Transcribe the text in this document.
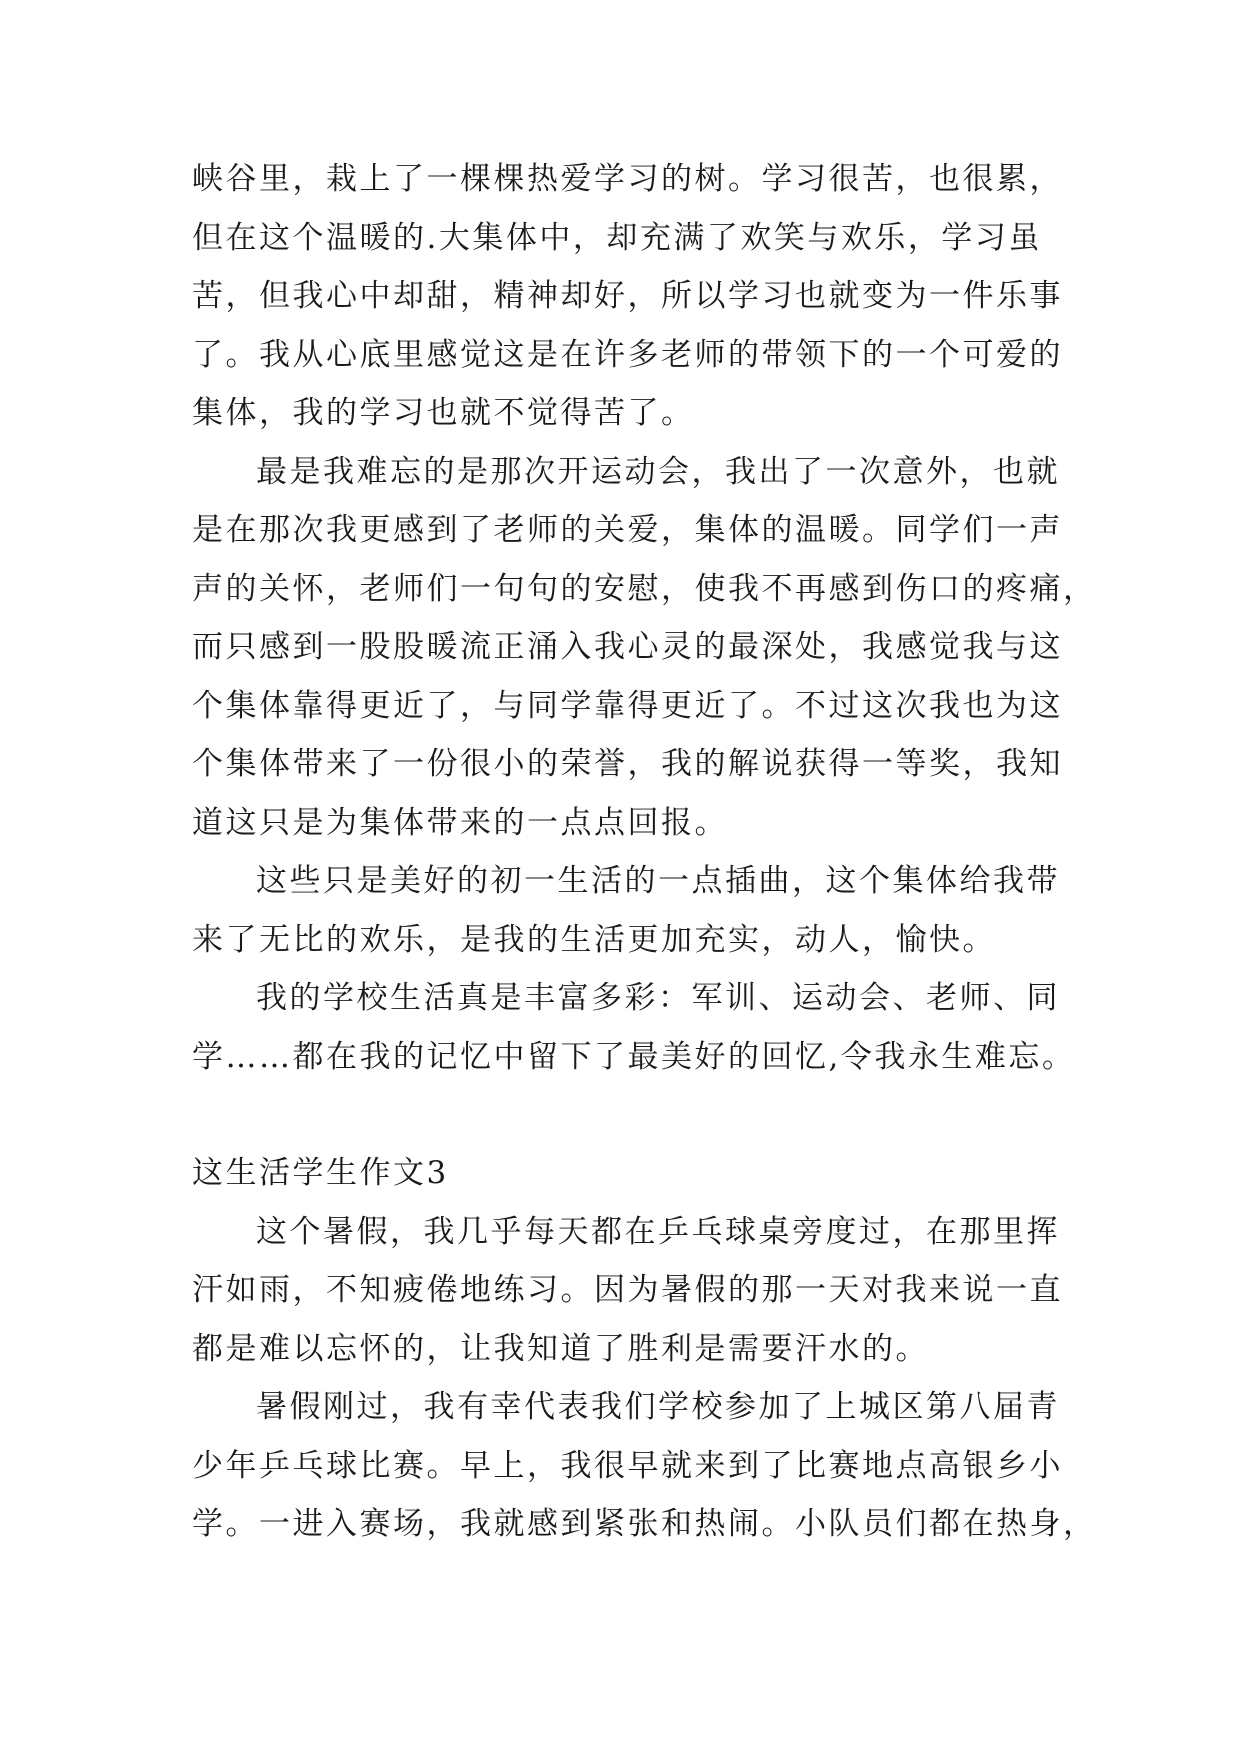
峡谷里，栽上了一棵棵热爱学习的树。学习很苦，也很累，
但在这个温暖的.大集体中，却充满了欢笑与欢乐，学习虽
苦，但我心中却甜，精神却好，所以学习也就变为一件乐事
了。我从心底里感觉这是在许多老师的带领下的一个可爱的
集体，我的学习也就不觉得苦了。
最是我难忘的是那次开运动会，我出了一次意外，也就
是在那次我更感到了老师的关爱，集体的温暖。同学们一声
声的关怀，老师们一句句的安慰，使我不再感到伤口的疼痛，
而只感到一股股暖流正涌入我心灵的最深处，我感觉我与这
个集体靠得更近了，与同学靠得更近了。不过这次我也为这
个集体带来了一份很小的荣誉，我的解说获得一等奖，我知
道这只是为集体带来的一点点回报。
这些只是美好的初一生活的一点插曲，这个集体给我带
来了无比的欢乐，是我的生活更加充实，动人，愉快。
我的学校生活真是丰富多彩：军训、运动会、老师、同
学……都在我的记忆中留下了最美好的回忆,令我永生难忘。
这生活学生作文3
这个暑假，我几乎每天都在乒乓球桌旁度过，在那里挥
汗如雨，不知疲倦地练习。因为暑假的那一天对我来说一直
都是难以忘怀的，让我知道了胜利是需要汗水的。
暑假刚过，我有幸代表我们学校参加了上城区第八届青
少年乒乓球比赛。早上，我很早就来到了比赛地点高银乡小
学。一进入赛场，我就感到紧张和热闹。小队员们都在热身，
